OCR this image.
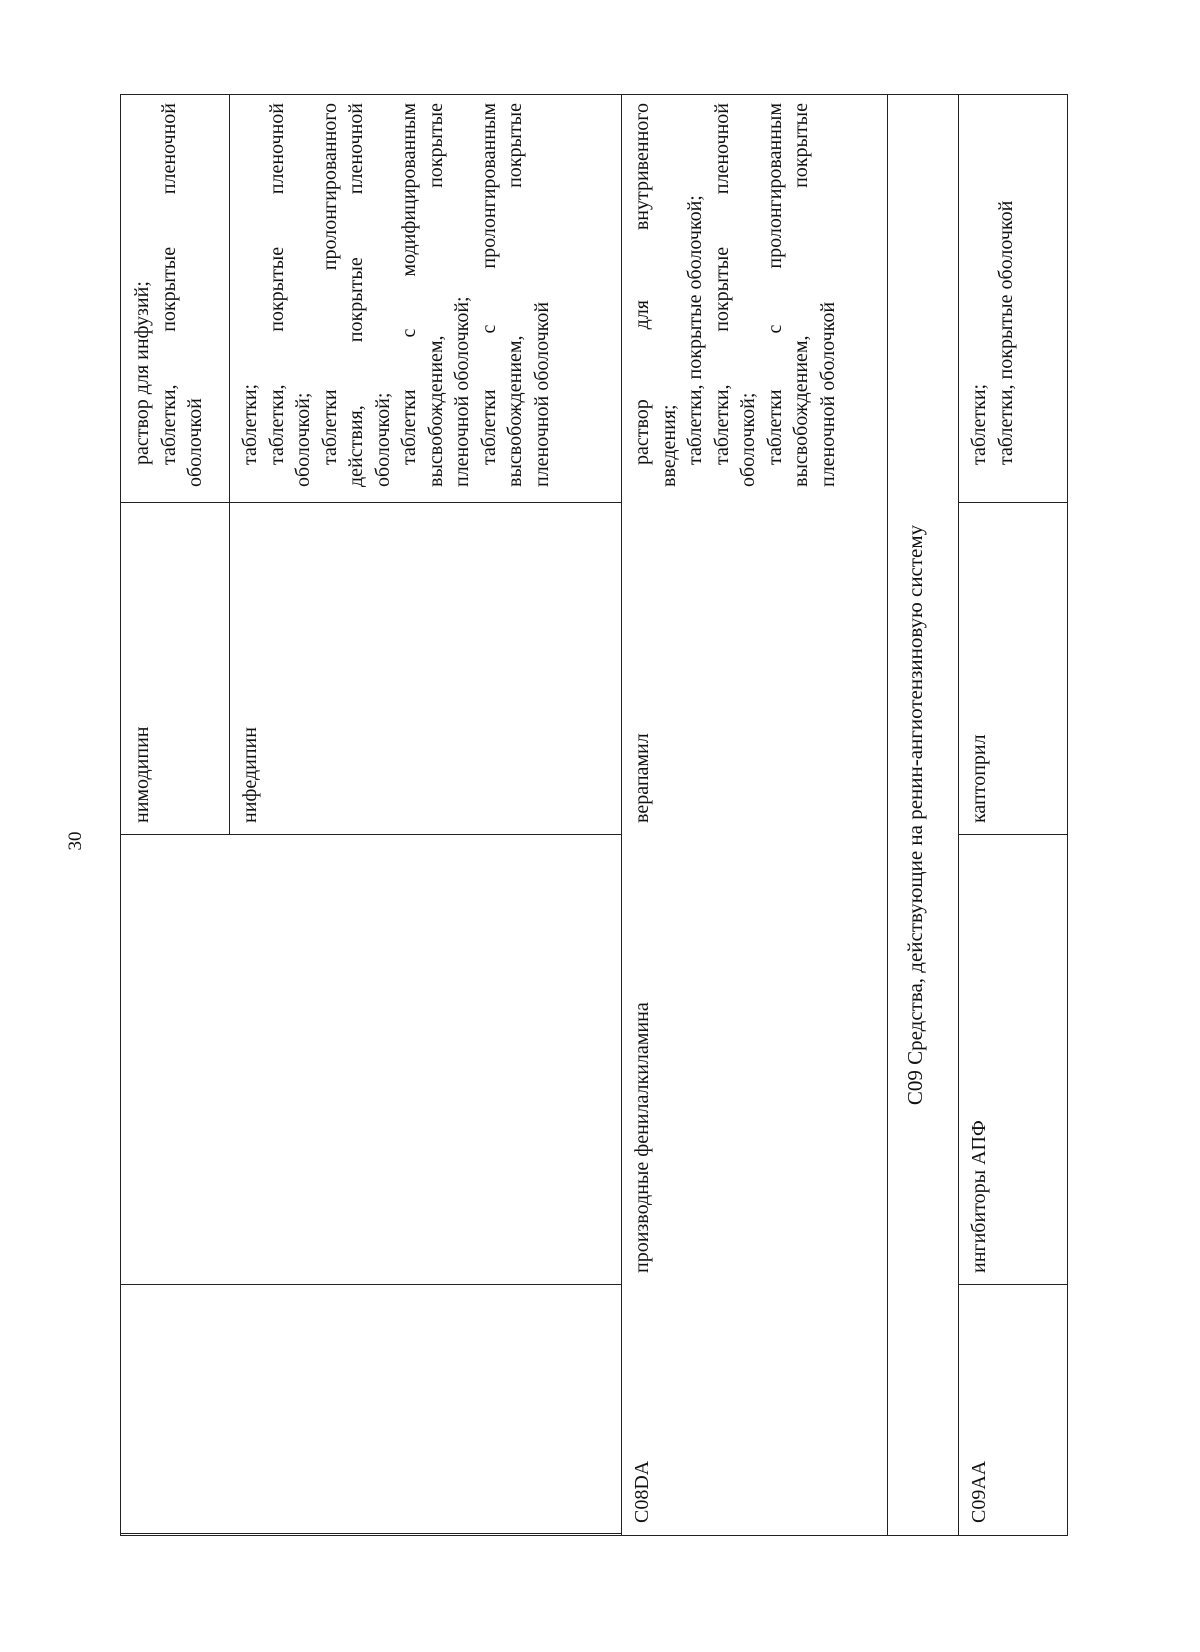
30
нимодипин
раствор для инфузий; таблетки, покрытые пленочной оболочкой
нифедипин
таблетки; таблетки, покрытые пленочной оболочкой; таблетки пролонгированного действия, покрытые пленочной оболочкой; таблетки с модифицированным высвобождением, покрытые пленочной оболочкой; таблетки с пролонгированным высвобождением, покрытые пленочной оболочкой
C08DA
производные фенилалкиламина
верапамил
раствор для внутривенного введения; таблетки, покрытые оболочкой; таблетки, покрытые пленочной оболочкой; таблетки с пролонгированным высвобождением, покрытые пленочной оболочкой
C09 Средства, действующие на ренин-ангиотензиновую систему
C09AA
ингибиторы АПФ
каптоприл
таблетки; таблетки, покрытые оболочкой
